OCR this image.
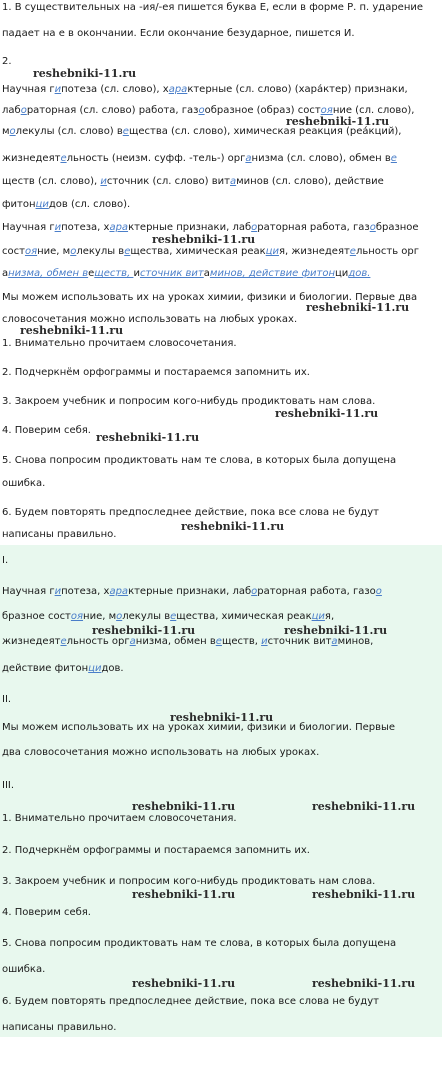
1. В существительных на -ия/-ея пишется буква Е, если в форме Р. п. ударение
падает на е в окончании. Если окончание безударное, пишется И.
2.
Научная гипотеза (сл. слово), характерные (сл. слово) (хара́ктер) признаки,
лабораторная (сл. слово) работа, газообразное (образ) состояние (сл. слово),
молекулы (сл. слово) вещества (сл. слово), химическая реакция (реа́кций),
жизнедеятельность (неизм. суфф. -тель-) организма (сл. слово), обмен ве
ществ (сл. слово), источник (сл. слово) витаминов (сл. слово), действие
фитонцидов (сл. слово).
Научная гипотеза, характерные признаки, лабораторная работа, газобразное
состояние, молекулы вещества, химическая реакция, жизнедеятельность орг
анизма, обмен веществ, источник витаминов, действие фитонцидов.
Мы можем использовать их на уроках химии, физики и биологии. Первые два
словосочетания можно использовать на любых уроках.
1. Внимательно прочитаем словосочетания.
2. Подчеркнём орфограммы и постараемся запомнить их.
3. Закроем учебник и попросим кого-нибудь продиктовать нам слова.
4. Поверим себя.
5. Снова попросим продиктовать нам те слова, в которых была допущена
ошибка.
6. Будем повторять предпоследнее действие, пока все слова не будут
написаны правильно.
I.
Научная гипотеза, характерные признаки, лабораторная работа, газоо
бразное состояние, молекулы вещества, химическая реакция,
жизнедеятельность организма, обмен веществ, источник витаминов,
действие фитонцидов.
II.
Мы можем использовать их на уроках химии, физики и биологии. Первые
два словосочетания можно использовать на любых уроках.
III.
1. Внимательно прочитаем словосочетания.
2. Подчеркнём орфограммы и постараемся запомнить их.
3. Закроем учебник и попросим кого-нибудь продиктовать нам слова.
4. Поверим себя.
5. Снова попросим продиктовать нам те слова, в которых была допущена
ошибка.
6. Будем повторять предпоследнее действие, пока все слова не будут
написаны правильно.
reshebniki-11.ru
reshebniki-11.ru
reshebniki-11.ru
reshebniki-11.ru
reshebniki-11.ru
reshebniki-11.ru
reshebniki-11.ru
reshebniki-11.ru
reshebniki-11.ru	reshebniki-11.ru
reshebniki-11.ru
reshebniki-11.ru	reshebniki-11.ru
reshebniki-11.ru	reshebniki-11.ru
reshebniki-11.ru	reshebniki-11.ru
